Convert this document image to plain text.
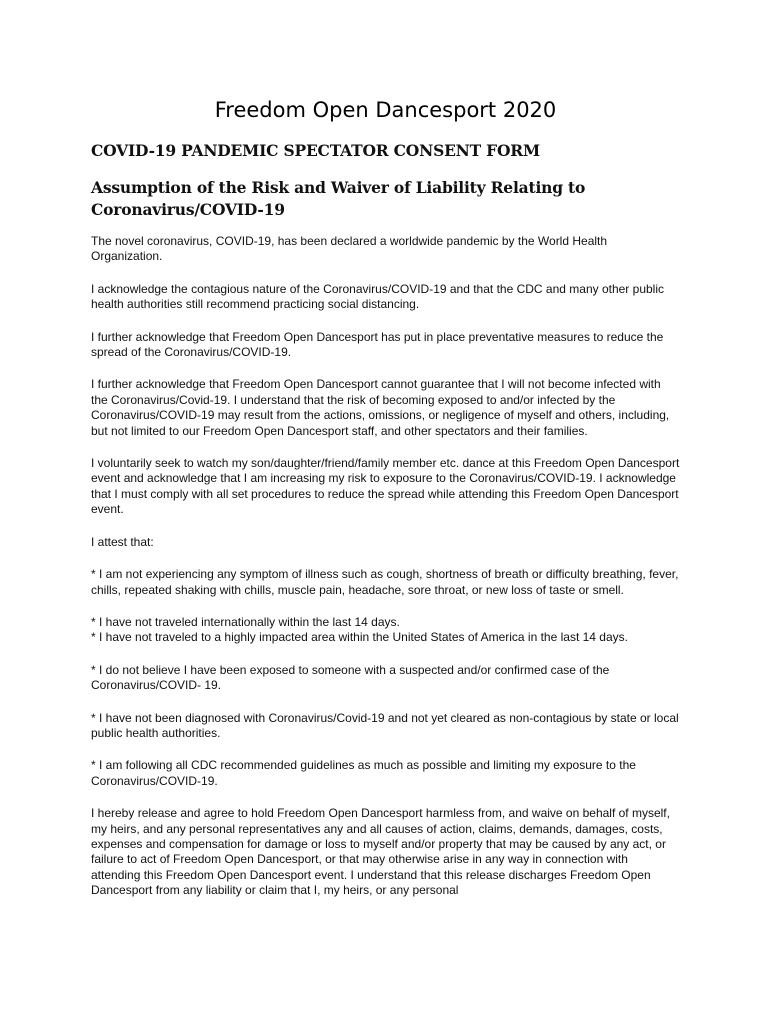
Freedom Open Dancesport 2020
COVID-19 PANDEMIC SPECTATOR CONSENT FORM
Assumption of the Risk and Waiver of Liability Relating to Coronavirus/COVID-19

The novel coronavirus, COVID-19, has been declared a worldwide pandemic by the World Health Organization.

I acknowledge the contagious nature of the Coronavirus/COVID-19 and that the CDC and many other public health authorities still recommend practicing social distancing.

I further acknowledge that Freedom Open Dancesport has put in place preventative measures to reduce the spread of the Coronavirus/COVID-19.

I further acknowledge that Freedom Open Dancesport cannot guarantee that I will not become infected with the Coronavirus/Covid-19. I understand that the risk of becoming exposed to and/or infected by the Coronavirus/COVID-19 may result from the actions, omissions, or negligence of myself and others, including, but not limited to our Freedom Open Dancesport staff, and other spectators and their families.

I voluntarily seek to watch my son/daughter/friend/family member etc. dance at this Freedom Open Dancesport event and acknowledge that I am increasing my risk to exposure to the Coronavirus/COVID-19. I acknowledge that I must comply with all set procedures to reduce the spread while attending this Freedom Open Dancesport event.

I attest that:

* I am not experiencing any symptom of illness such as cough, shortness of breath or difficulty breathing, fever, chills, repeated shaking with chills, muscle pain, headache, sore throat, or new loss of taste or smell.

* I have not traveled internationally within the last 14 days.

* I have not traveled to a highly impacted area within the United States of America in the last 14 days.

* I do not believe I have been exposed to someone with a suspected and/or confirmed case of the Coronavirus/COVID- 19.

* I have not been diagnosed with Coronavirus/Covid-19 and not yet cleared as non-contagious by state or local public health authorities.

* I am following all CDC recommended guidelines as much as possible and limiting my exposure to the Coronavirus/COVID-19.

I hereby release and agree to hold Freedom Open Dancesport harmless from, and waive on behalf of myself, my heirs, and any personal representatives any and all causes of action, claims, demands, damages, costs, expenses and compensation for damage or loss to myself and/or property that may be caused by any act, or failure to act of Freedom Open Dancesport, or that may otherwise arise in any way in connection with attending this Freedom Open Dancesport event. I understand that this release discharges Freedom Open Dancesport from any liability or claim that I, my heirs, or any personal
